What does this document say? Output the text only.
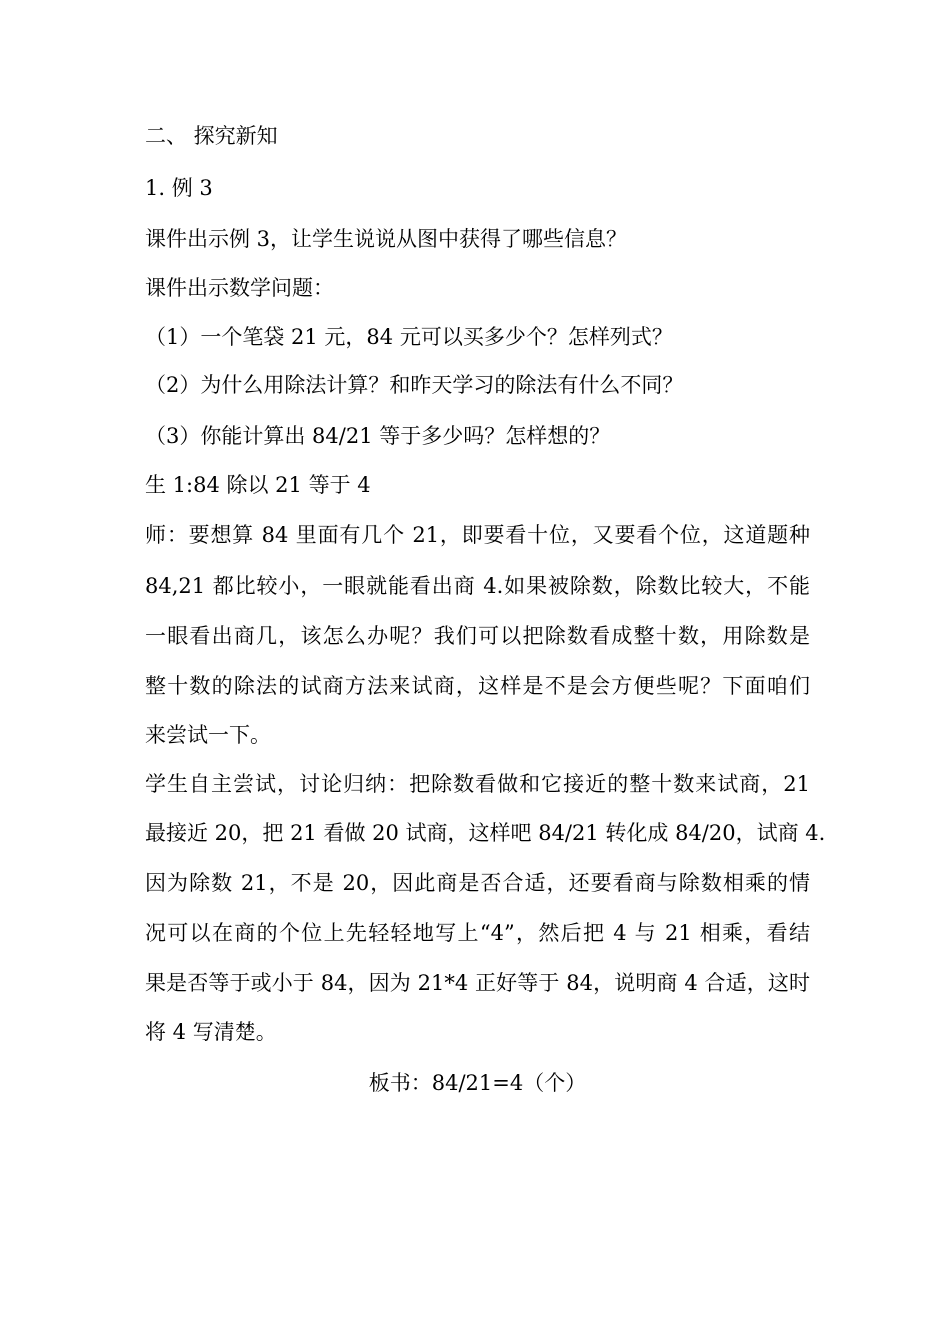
二、 探究新知
1. 例 3
课件出示例 3，让学生说说从图中获得了哪些信息？
课件出示数学问题：
（1）一个笔袋 21 元，84 元可以买多少个？怎样列式？
（2）为什么用除法计算？和昨天学习的除法有什么不同？
（3）你能计算出 84/21 等于多少吗？怎样想的？
生 1:84 除以 21 等于 4
师：要想算 84 里面有几个 21，即要看十位，又要看个位，这道题种
84,21 都比较小，一眼就能看出商 4.如果被除数，除数比较大，不能
一眼看出商几，该怎么办呢？我们可以把除数看成整十数，用除数是
整十数的除法的试商方法来试商，这样是不是会方便些呢？下面咱们
来尝试一下。
学生自主尝试，讨论归纳：把除数看做和它接近的整十数来试商，21
最接近 20，把 21 看做 20 试商，这样吧 84/21 转化成 84/20，试商 4.
因为除数 21，不是 20，因此商是否合适，还要看商与除数相乘的情
况可以在商的个位上先轻轻地写上“4”，然后把 4 与 21 相乘，看结
果是否等于或小于 84，因为 21*4 正好等于 84，说明商 4 合适，这时
将 4 写清楚。
板书：84/21=4（个）
